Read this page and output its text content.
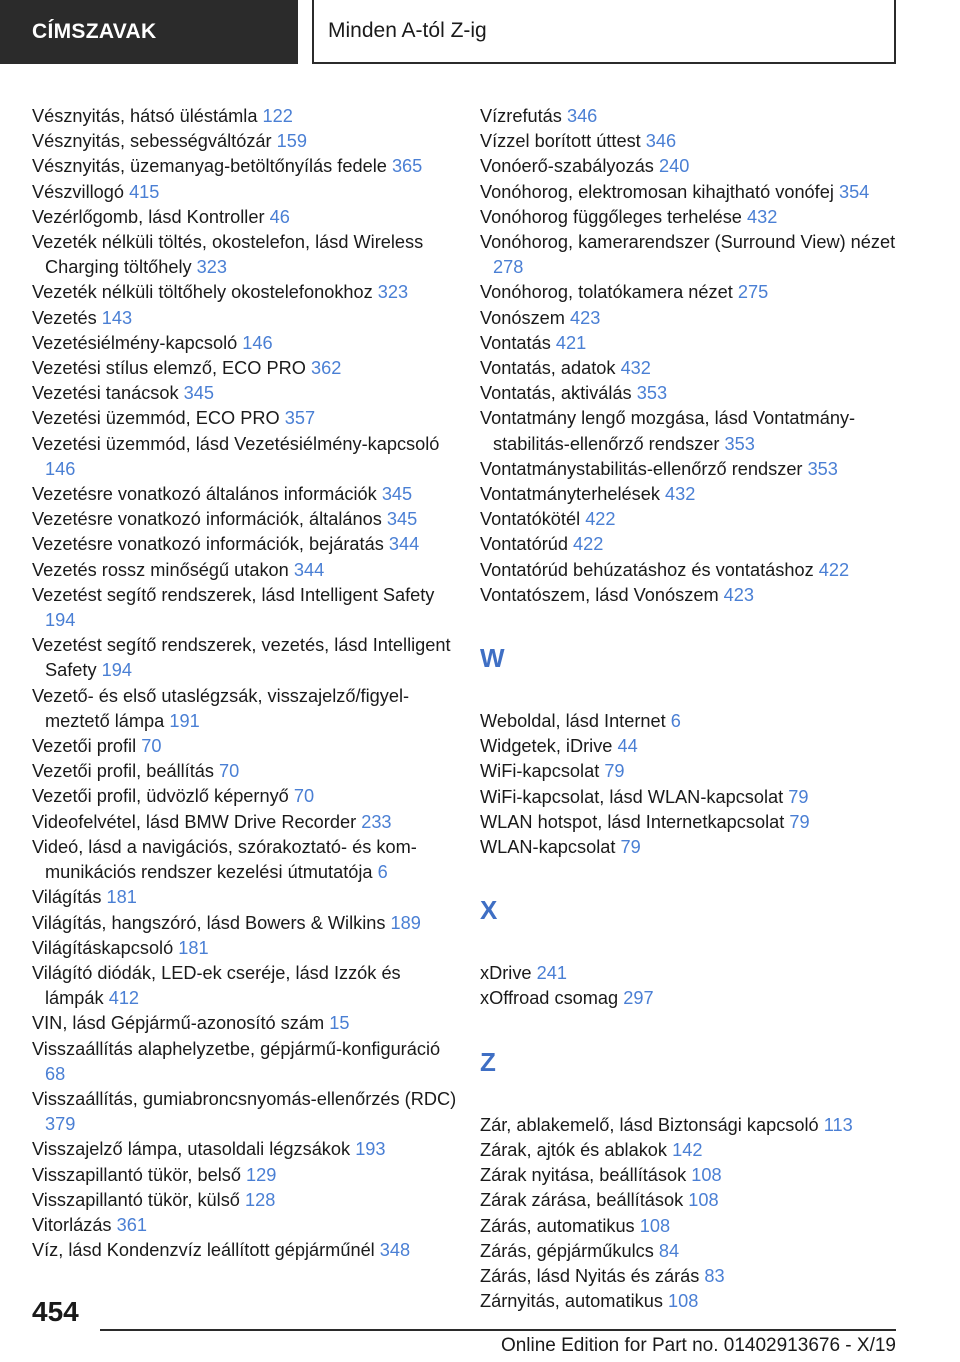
CÍMSZAVAK	Minden A-tól Z-ig
Vésznyitás, hátsó üléstámla 122
Vésznyitás, sebességváltózár 159
Vésznyitás, üzemanyag-betöltőnyílás fedele 365
Vészvillogó 415
Vezérlőgomb, lásd Kontroller 46
Vezeték nélküli töltés, okostelefon, lásd Wireless Charging töltőhely 323
Vezeték nélküli töltőhely okostelefonokhoz 323
Vezetés 143
Vezetésiélmény-kapcsoló 146
Vezetési stílus elemző, ECO PRO 362
Vezetési tanácsok 345
Vezetési üzemmód, ECO PRO 357
Vezetési üzemmód, lásd Vezetésiélmény-kapcsoló 146
Vezetésre vonatkozó általános információk 345
Vezetésre vonatkozó információk, általános 345
Vezetésre vonatkozó információk, bejáratás 344
Vezetés rossz minőségű utakon 344
Vezetést segítő rendszerek, lásd Intelligent Safety 194
Vezetést segítő rendszerek, vezetés, lásd Intelligent Safety 194
Vezető- és első utaslégzsák, visszajelző/figyelmeztető lámpa 191
Vezetői profil 70
Vezetői profil, beállítás 70
Vezetői profil, üdvözlő képernyő 70
Videofelvétel, lásd BMW Drive Recorder 233
Videó, lásd a navigációs, szórakoztató- és kommunikációs rendszer kezelési útmutatója 6
Világítás 181
Világítás, hangszóró, lásd Bowers & Wilkins 189
Világításkapcsoló 181
Világító diódák, LED-ek cseréje, lásd Izzók és lámpák 412
VIN, lásd Gépjármű-azonosító szám 15
Visszaállítás alaphelyzetbe, gépjármű-konfiguráció 68
Visszaállítás, gumiabroncsnyomás-ellenőrzés (RDC) 379
Visszajelző lámpa, utasoldali légzsákok 193
Visszapillantó tükör, belső 129
Visszapillantó tükör, külső 128
Vitorlázás 361
Víz, lásd Kondenzvíz leállított gépjárműnél 348
Vízrefutás 346
Vízzel borított úttest 346
Vonóerő-szabályozás 240
Vonóhorog, elektromosan kihajtható vonófej 354
Vonóhorog függőleges terhelése 432
Vonóhorog, kamerarendszer (Surround View) nézet 278
Vonóhorog, tolatókamera nézet 275
Vonószem 423
Vontatás 421
Vontatás, adatok 432
Vontatás, aktiválás 353
Vontatmány lengő mozgása, lásd Vontatmánystabilitás-ellenőrző rendszer 353
Vontatmánystabilitás-ellenőrző rendszer 353
Vontatmányterhelések 432
Vontatókötél 422
Vontatórúd 422
Vontatórúd behúzatáshoz és vontatáshoz 422
Vontatószem, lásd Vonószem 423
W
Weboldal, lásd Internet 6
Widgetek, iDrive 44
WiFi-kapcsolat 79
WiFi-kapcsolat, lásd WLAN-kapcsolat 79
WLAN hotspot, lásd Internetkapcsolat 79
WLAN-kapcsolat 79
X
xDrive 241
xOffroad csomag 297
Z
Zár, ablakemelő, lásd Biztonsági kapcsoló 113
Zárak, ajtók és ablakok 142
Zárak nyitása, beállítások 108
Zárak zárása, beállítások 108
Zárás, automatikus 108
Zárás, gépjárműkulcs 84
Zárás, lásd Nyitás és zárás 83
Zárnyitás, automatikus 108
454
Online Edition for Part no. 01402913676 - X/19
